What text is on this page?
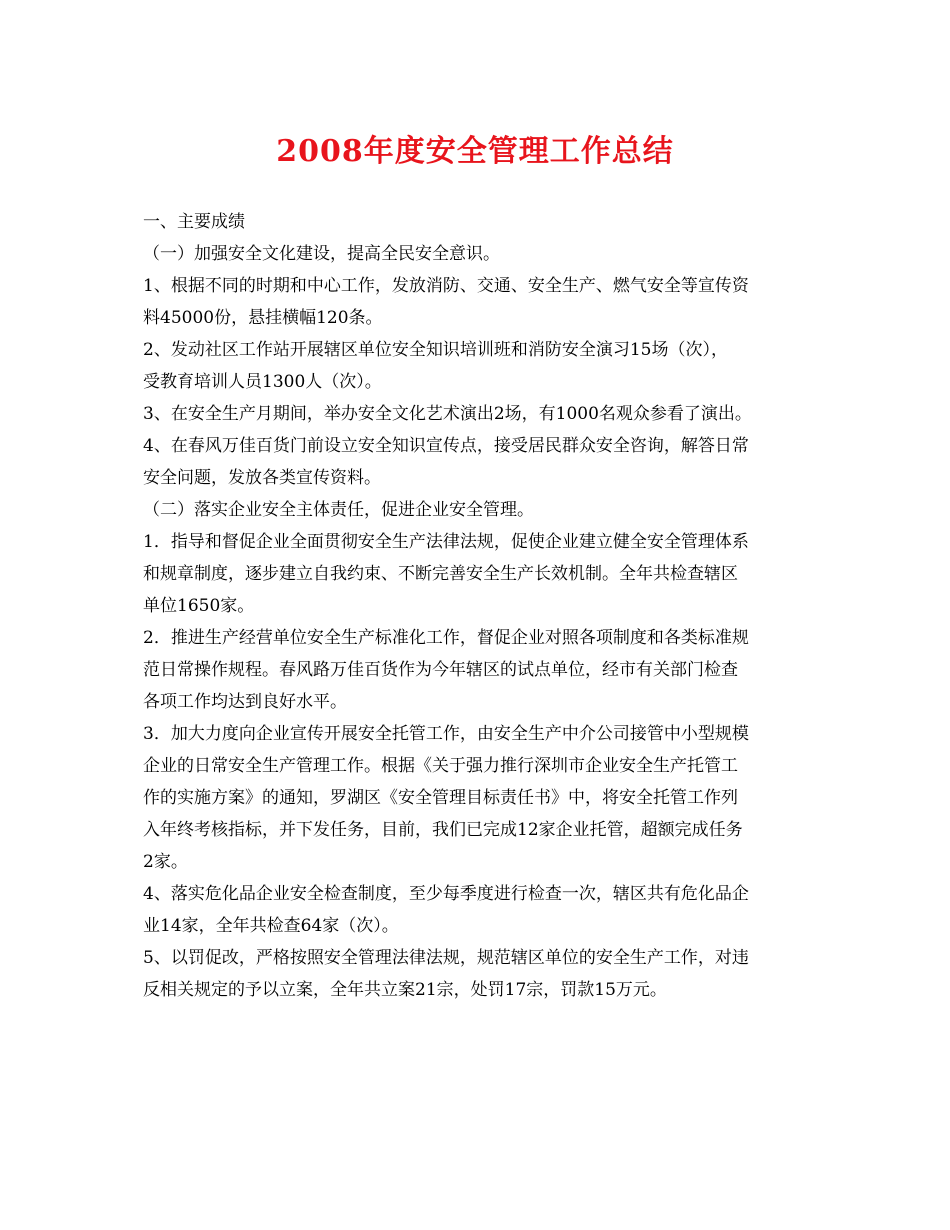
2008年度安全管理工作总结

一、主要成绩

（一）加强安全文化建设，提高全民安全意识。

1、根据不同的时期和中心工作，发放消防、交通、安全生产、燃气安全等宣传资

料45000份，悬挂横幅120条。

2、发动社区工作站开展辖区单位安全知识培训班和消防安全演习15场（次），

受教育培训人员1300人（次）。

3、在安全生产月期间，举办安全文化艺术演出2场，有1000名观众参看了演出。

4、在春风万佳百货门前设立安全知识宣传点，接受居民群众安全咨询，解答日常

安全问题，发放各类宣传资料。

（二）落实企业安全主体责任，促进企业安全管理。

1．指导和督促企业全面贯彻安全生产法律法规，促使企业建立健全安全管理体系

和规章制度，逐步建立自我约束、不断完善安全生产长效机制。全年共检查辖区

单位1650家。

2．推进生产经营单位安全生产标准化工作，督促企业对照各项制度和各类标准规

范日常操作规程。春风路万佳百货作为今年辖区的试点单位，经市有关部门检查

各项工作均达到良好水平。

3．加大力度向企业宣传开展安全托管工作，由安全生产中介公司接管中小型规模

企业的日常安全生产管理工作。根据《关于强力推行深圳市企业安全生产托管工

作的实施方案》的通知，罗湖区《安全管理目标责任书》中，将安全托管工作列

入年终考核指标，并下发任务，目前，我们已完成12家企业托管，超额完成任务

2家。

4、落实危化品企业安全检查制度，至少每季度进行检查一次，辖区共有危化品企

业14家，全年共检查64家（次）。

5、以罚促改，严格按照安全管理法律法规，规范辖区单位的安全生产工作，对违

反相关规定的予以立案，全年共立案21宗，处罚17宗，罚款15万元。
